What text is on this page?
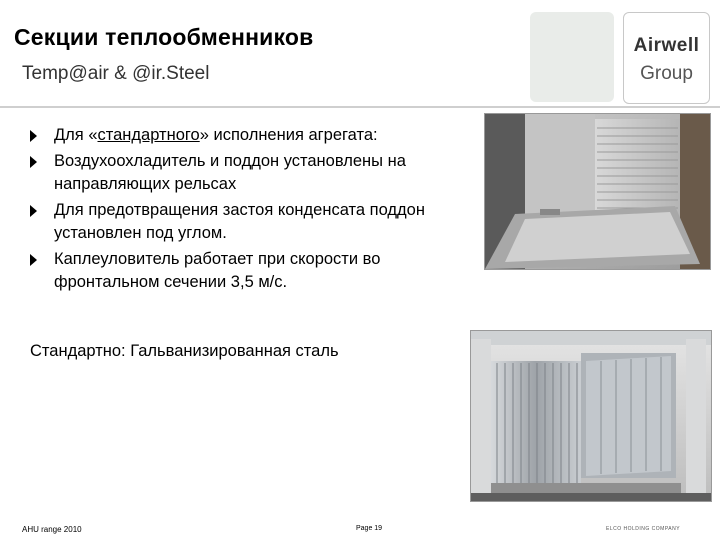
Секции теплообменников
Temp@air & @ir.Steel
Airwell
Group
Для «стандартного» исполнения агрегата:
Воздухоохладитель и поддон установлены на направляющих рельсах
Для предотвращения застоя конденсата поддон установлен под углом.
Каплеуловитель работает при скорости во фронтальном сечении 3,5 м/с.
Стандартно: Гальванизированная сталь
AHU range 2010	Page 19	ELCO HOLDING COMPANY
